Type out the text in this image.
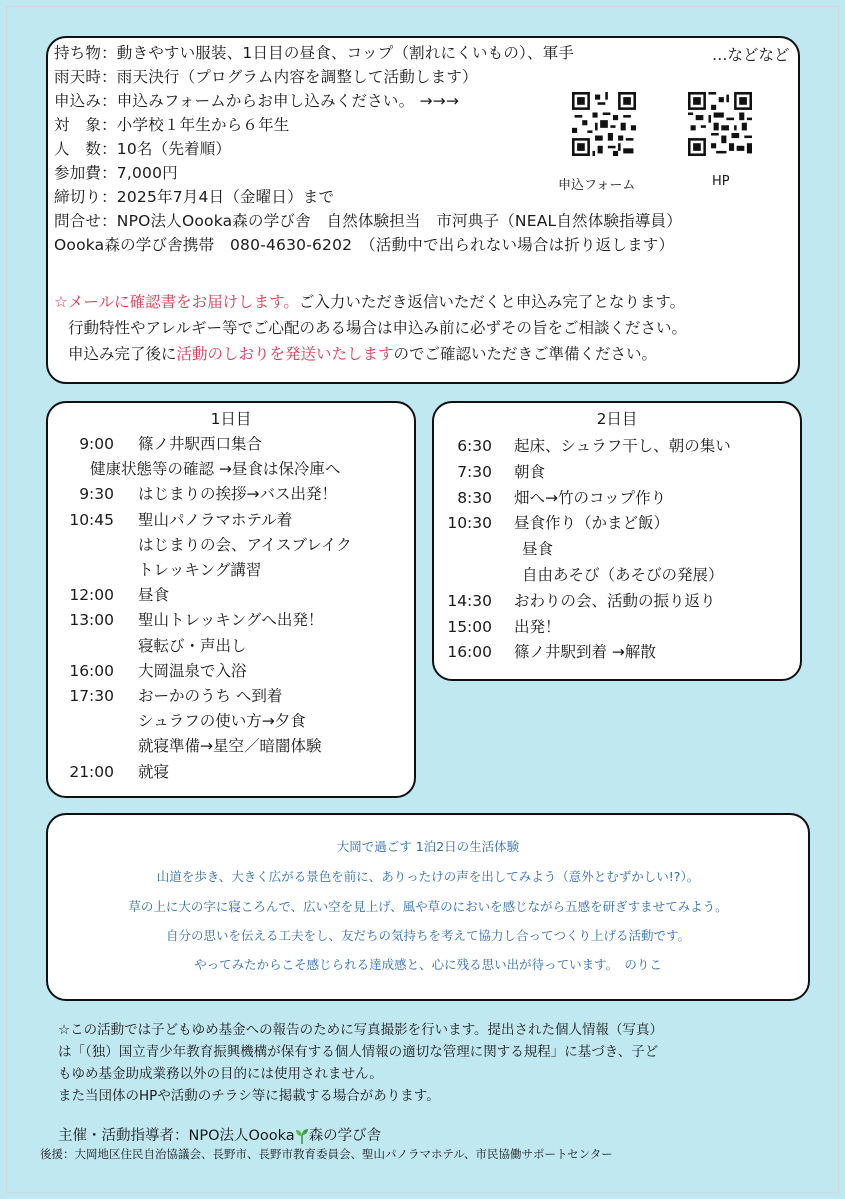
持ち物：動きやすい服装、1日目の昼食、コップ（割れにくいもの）、軍手	…などなど
雨天時：雨天決行（プログラム内容を調整して活動します）
申込み：申込みフォームからお申し込みください。 →→→
対　象：小学校１年生から６年生
人　数：10名（先着順）
参加費：7,000円
締切り：2025年7月4日（金曜日）まで
問合せ：NPO法人Oooka森の学び舎　自然体験担当　市河典子（NEAL自然体験指導員）
Oooka森の学び舎携帯　080-4630-6202　（活動中で出られない場合は折り返します）
申込フォーム	HP
☆メールに確認書をお届けします。ご入力いただき返信いただくと申込み完了となります。
行動特性やアレルギー等でご心配のある場合は申込み前に必ずその旨をご相談ください。
申込み完了後に活動のしおりを発送いたしますのでご確認いただきご準備ください。
1日目
9:00 篠ノ井駅西口集合
健康状態等の確認 →昼食は保冷庫へ
9:30 はじまりの挨拶→バス出発！
10:45 聖山パノラマホテル着
はじまりの会、アイスブレイク
トレッキング講習
12:00 昼食
13:00 聖山トレッキングへ出発！
寝転び・声出し
16:00 大岡温泉で入浴
17:30 おーかのうち へ到着
シュラフの使い方→夕食
就寝準備→星空／暗闇体験
21:00 就寝
2日目
6:30 起床、シュラフ干し、朝の集い
7:30 朝食
8:30 畑へ→竹のコップ作り
10:30 昼食作り（かまど飯）
昼食
自由あそび（あそびの発展）
14:30 おわりの会、活動の振り返り
15:00 出発！
16:00 篠ノ井駅到着 →解散
大岡で過ごす 1泊2日の生活体験
山道を歩き、大きく広がる景色を前に、ありったけの声を出してみよう（意外とむずかしい!?）。
草の上に大の字に寝ころんで、広い空を見上げ、風や草のにおいを感じながら五感を研ぎすませてみよう。
自分の思いを伝える工夫をし、友だちの気持ちを考えて協力し合ってつくり上げる活動です。
やってみたからこそ感じられる達成感と、心に残る思い出が待っています。　のりこ
☆この活動では子どもゆめ基金への報告のために写真撮影を行います。提出された個人情報（写真）
は「（独）国立青少年教育振興機構が保有する個人情報の適切な管理に関する規程」に基づき、子ど
もゆめ基金助成業務以外の目的には使用されません。
また当団体のHPや活動のチラシ等に掲載する場合があります。
主催・活動指導者：NPO法人Oooka 森の学び舎
後援：大岡地区住民自治協議会、長野市、長野市教育委員会、聖山パノラマホテル、市民協働サポートセンター
